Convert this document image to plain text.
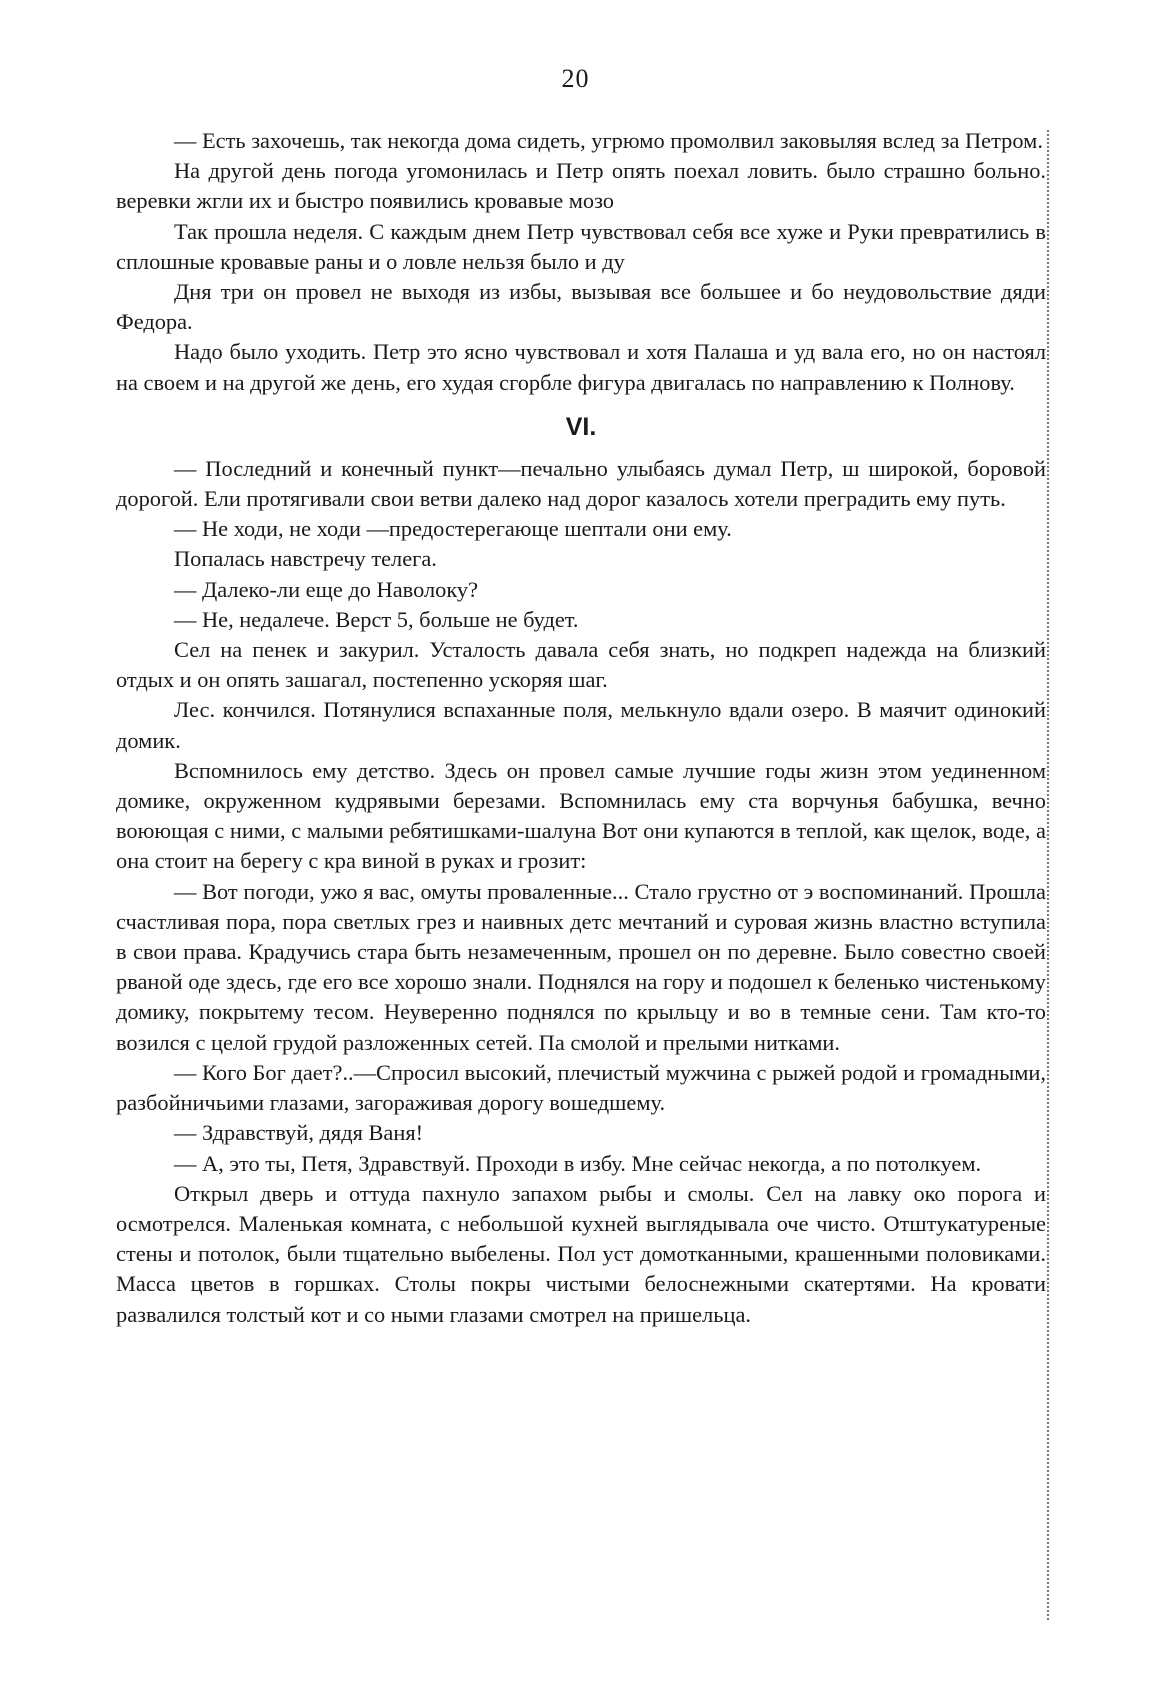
20

— Есть захочешь, так некогда дома сидеть, угрюмо промолвил заковыляя вслед за Петром.

На другой день погода угомонилась и Петр опять поехал ловить. было страшно больно. веревки жгли их и быстро появились кровавые мозо

Так прошла неделя. С каждым днем Петр чувствовал себя все хуже и Руки превратились в сплошные кровавые раны и о ловле нельзя было и ду

Дня три он провел не выходя из избы, вызывая все большее и бо неудовольствие дяди Федора.

Надо было уходить. Петр это ясно чувствовал и хотя Палаша и уд вала его, но он настоял на своем и на другой же день, его худая сгорбле фигура двигалась по направлению к Полнову.

VI.

— Последний и конечный пункт—печально улыбаясь думал Петр, ш широкой, боровой дорогой. Ели протягивали свои ветви далеко над дорог казалось хотели преградить ему путь.

— Не ходи, не ходи —предостерегающе шептали они ему.

Попалась навстречу телега.

— Далеко-ли еще до Наволоку?

— Не, недалече. Верст 5, больше не будет.

Сел на пенек и закурил. Усталость давала себя знать, но подкреп надежда на близкий отдых и он опять зашагал, постепенно ускоряя шаг.

Лес. кончился. Потянулися вспаханные поля, мелькнуло вдали озеро. В маячит одинокий домик.

Вспомнилось ему детство. Здесь он провел самые лучшие годы жизн этом уединенном домике, окруженном кудрявыми березами. Вспомнилась ему ста ворчунья бабушка, вечно воюющая с ними, с малыми ребятишками-шалуна Вот они купаются в теплой, как щелок, воде, а она стоит на берегу с кра виной в руках и грозит:

— Вот погоди, ужо я вас, омуты проваленные... Стало грустно от э воспоминаний. Прошла счастливая пора, пора светлых грез и наивных детс мечтаний и суровая жизнь властно вступила в свои права. Крадучись стара быть незамеченным, прошел он по деревне. Было совестно своей рваной оде здесь, где его все хорошо знали. Поднялся на гору и подошел к беленько чистенькому домику, покрытему тесом. Неуверенно поднялся по крыльцу и во в темные сени. Там кто-то возился с целой грудой разложенных сетей. Па смолой и прелыми нитками.

— Кого Бог дает?..—Спросил высокий, плечистый мужчина с рыжей родой и громадными, разбойничьими глазами, загораживая дорогу вошедшему.

— Здравствуй, дядя Ваня!

— А, это ты, Петя, Здравствуй. Проходи в избу. Мне сейчас некогда, а по потолкуем.

Открыл дверь и оттуда пахнуло запахом рыбы и смолы. Сел на лавку око порога и осмотрелся. Маленькая комната, с небольшой кухней выглядывала оче чисто. Отштукатуреные стены и потолок, были тщательно выбелены. Пол уст домотканными, крашенными половиками. Масса цветов в горшках. Столы покры чистыми белоснежными скатертями. На кровати развалился толстый кот и со ными глазами смотрел на пришельца.
